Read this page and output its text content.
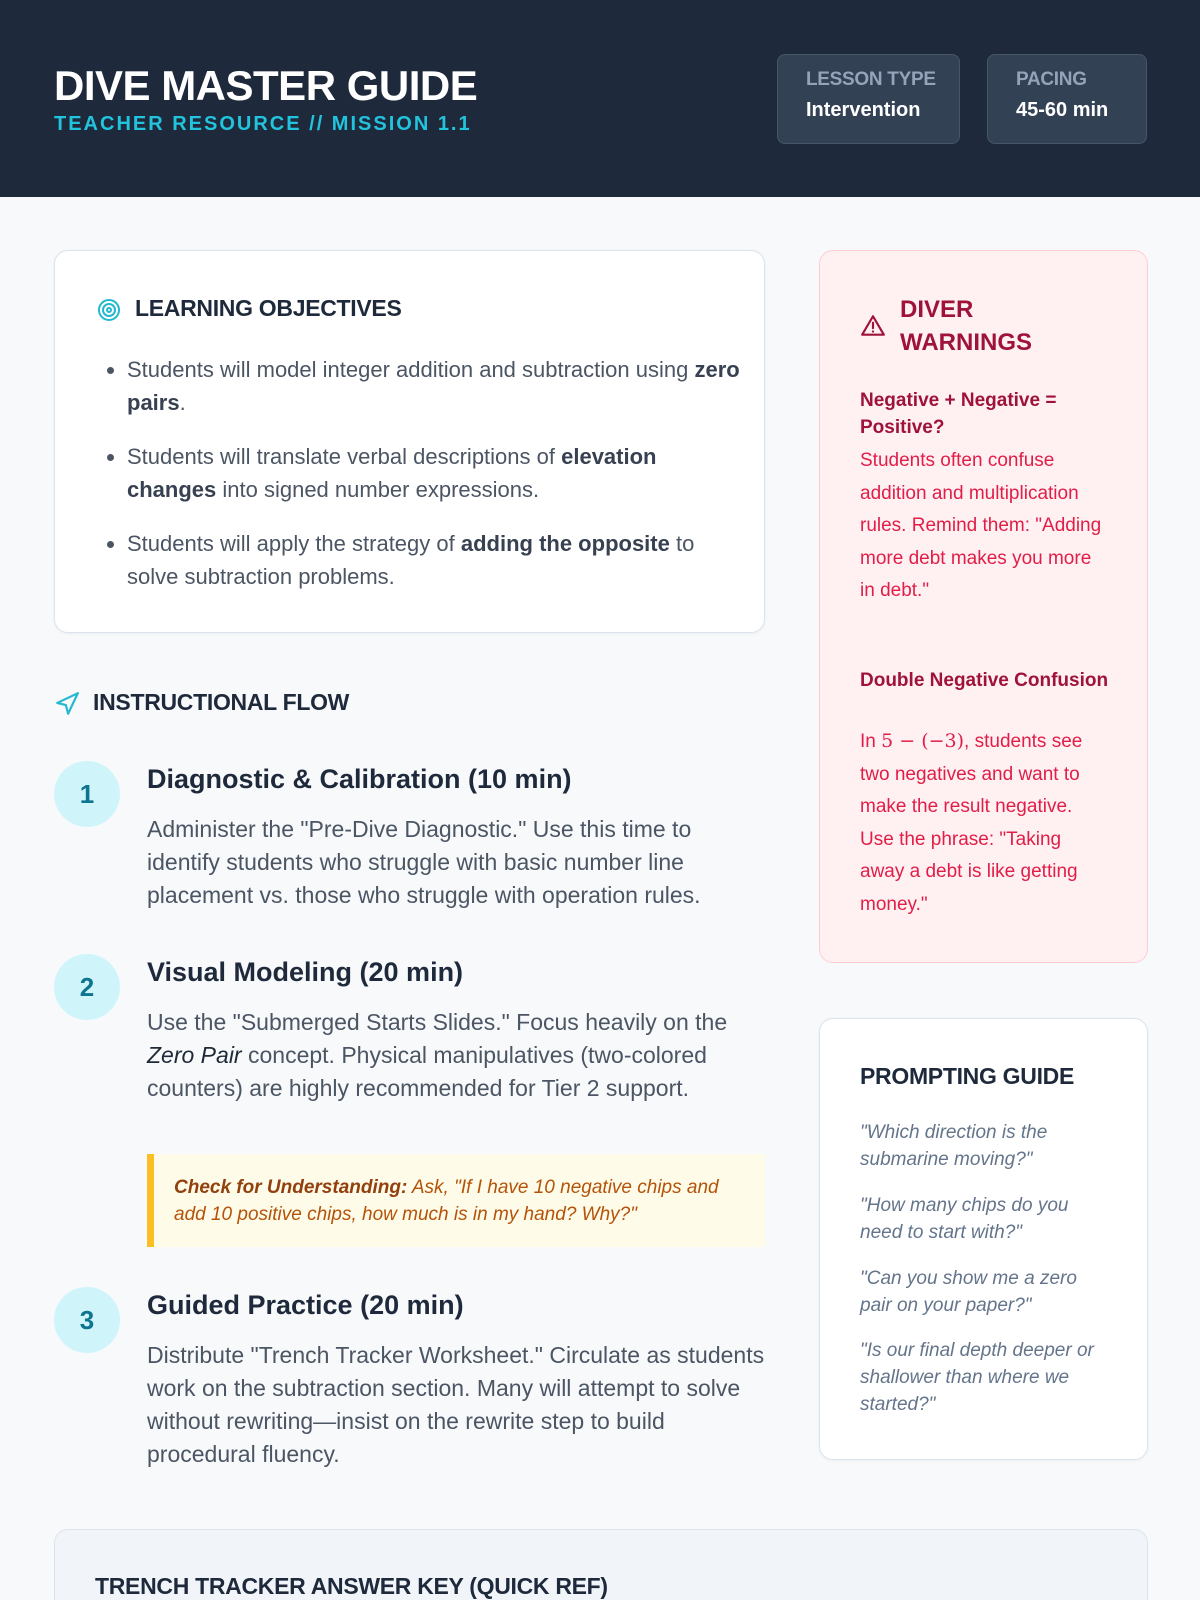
DIVE MASTER GUIDE
TEACHER RESOURCE // MISSION 1.1
LESSON TYPE
Intervention
PACING
45-60 min
LEARNING OBJECTIVES
• Students will model integer addition and subtraction using zero pairs.
• Students will translate verbal descriptions of elevation changes into signed number expressions.
• Students will apply the strategy of adding the opposite to solve subtraction problems.
INSTRUCTIONAL FLOW
1	Diagnostic & Calibration (10 min)
Administer the "Pre-Dive Diagnostic." Use this time to identify students who struggle with basic number line placement vs. those who struggle with operation rules.
2	Visual Modeling (20 min)
Use the "Submerged Starts Slides." Focus heavily on the Zero Pair concept. Physical manipulatives (two-colored counters) are highly recommended for Tier 2 support.
Check for Understanding: Ask, "If I have 10 negative chips and add 10 positive chips, how much is in my hand? Why?"
3	Guided Practice (20 min)
Distribute "Trench Tracker Worksheet." Circulate as students work on the subtraction section. Many will attempt to solve without rewriting—insist on the rewrite step to build procedural fluency.
DIVER WARNINGS
Negative + Negative = Positive?
Students often confuse addition and multiplication rules. Remind them: "Adding more debt makes you more in debt."
Double Negative Confusion
In 5 − (−3), students see two negatives and want to make the result negative. Use the phrase: "Taking away a debt is like getting money."
PROMPTING GUIDE
"Which direction is the submarine moving?"
"How many chips do you need to start with?"
"Can you show me a zero pair on your paper?"
"Is our final depth deeper or shallower than where we started?"
TRENCH TRACKER ANSWER KEY (QUICK REF)
